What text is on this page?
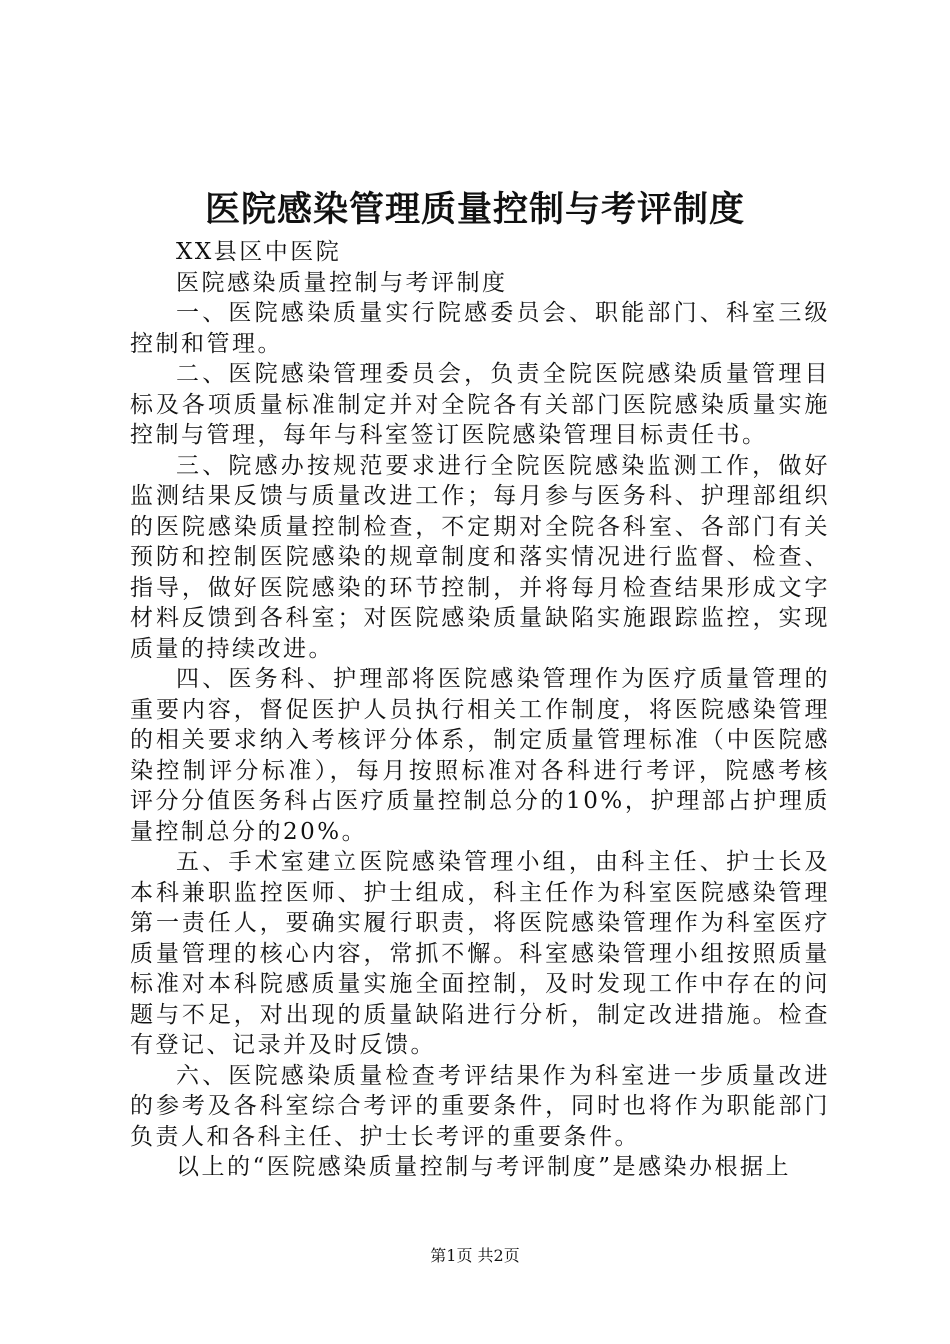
医院感染管理质量控制与考评制度

XX县区中医院

医院感染质量控制与考评制度

一、医院感染质量实行院感委员会、职能部门、科室三级控制和管理。

二、医院感染管理委员会，负责全院医院感染质量管理目标及各项质量标准制定并对全院各有关部门医院感染质量实施控制与管理，每年与科室签订医院感染管理目标责任书。

三、院感办按规范要求进行全院医院感染监测工作，做好监测结果反馈与质量改进工作；每月参与医务科、护理部组织的医院感染质量控制检查，不定期对全院各科室、各部门有关预防和控制医院感染的规章制度和落实情况进行监督、检查、指导，做好医院感染的环节控制，并将每月检查结果形成文字材料反馈到各科室；对医院感染质量缺陷实施跟踪监控，实现质量的持续改进。

四、医务科、护理部将医院感染管理作为医疗质量管理的重要内容，督促医护人员执行相关工作制度，将医院感染管理的相关要求纳入考核评分体系，制定质量管理标准（中医院感染控制评分标准），每月按照标准对各科进行考评，院感考核评分分值医务科占医疗质量控制总分的10%，护理部占护理质量控制总分的20%。

五、手术室建立医院感染管理小组，由科主任、护士长及本科兼职监控医师、护士组成，科主任作为科室医院感染管理第一责任人，要确实履行职责，将医院感染管理作为科室医疗质量管理的核心内容，常抓不懈。科室感染管理小组按照质量标准对本科院感质量实施全面控制，及时发现工作中存在的问题与不足，对出现的质量缺陷进行分析，制定改进措施。检查有登记、记录并及时反馈。

六、医院感染质量检查考评结果作为科室进一步质量改进的参考及各科室综合考评的重要条件，同时也将作为职能部门负责人和各科主任、护士长考评的重要条件。

以上的“医院感染质量控制与考评制度”是感染办根据上

第1页 共2页
